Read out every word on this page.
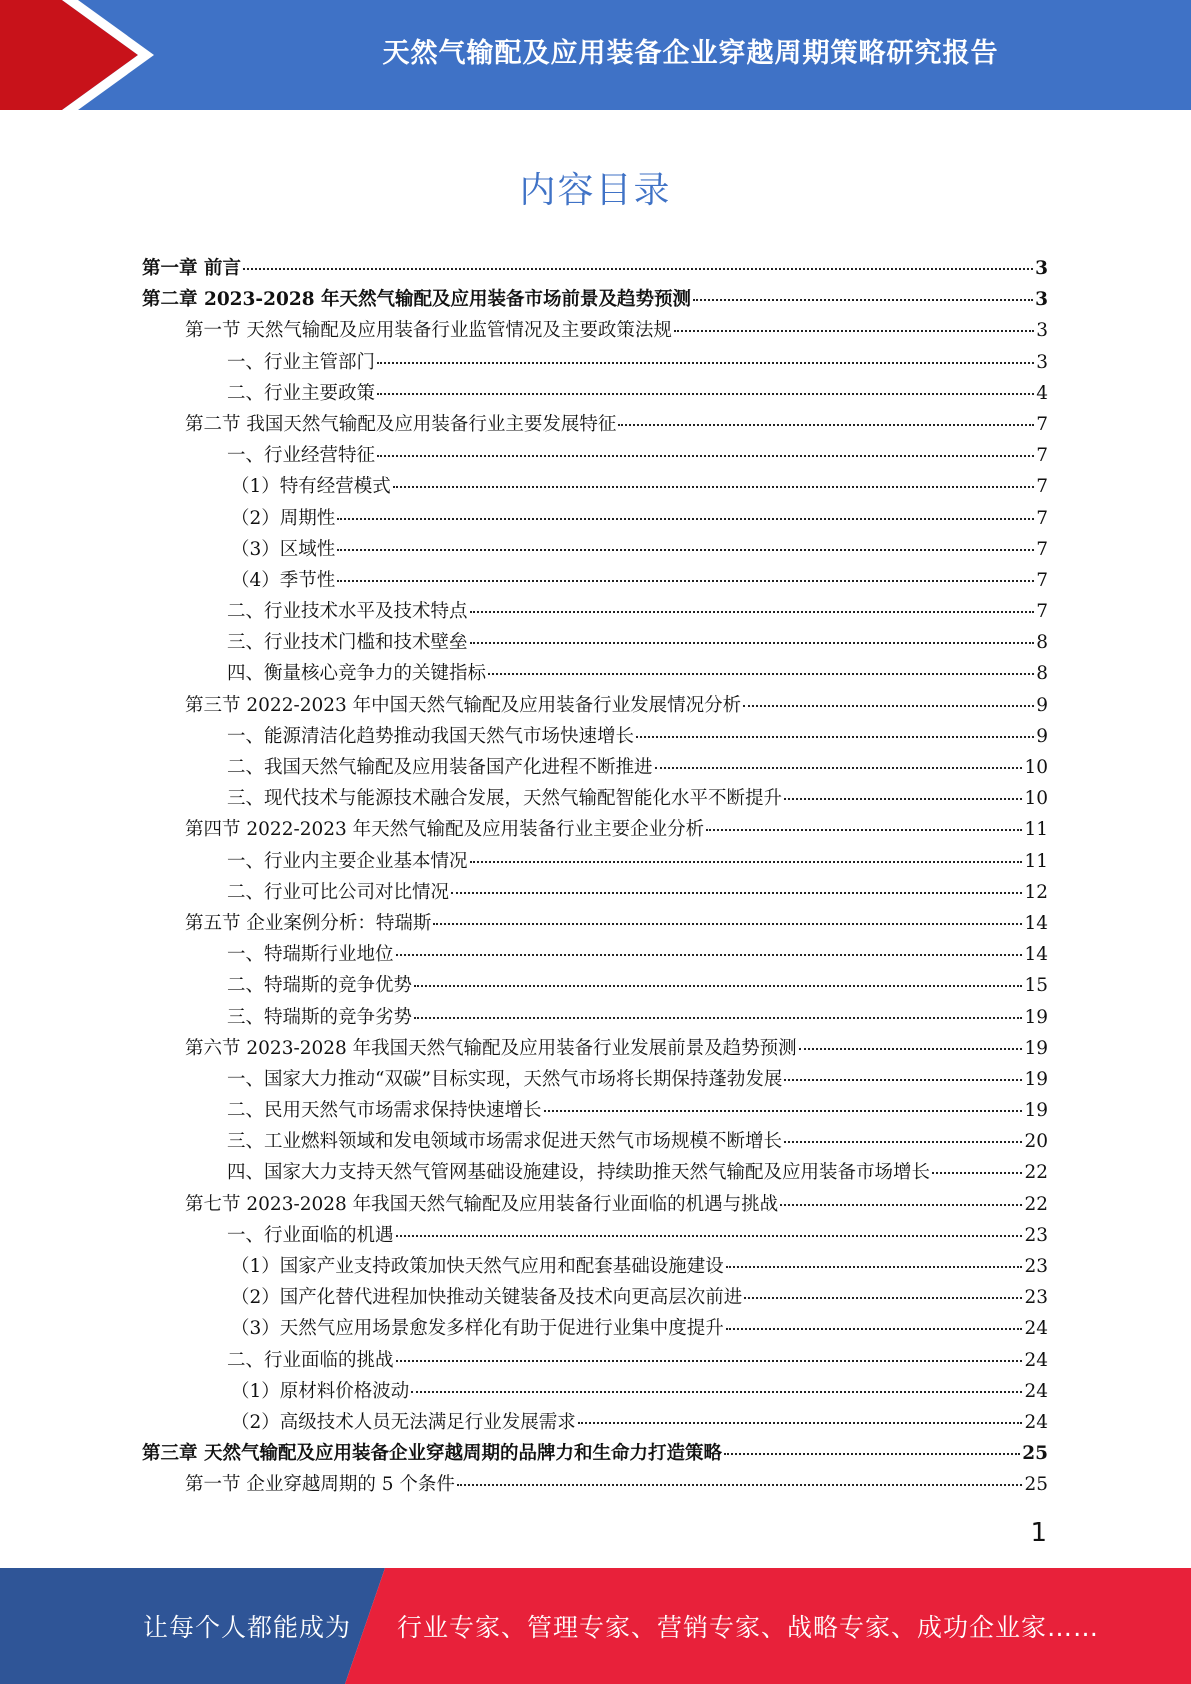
天然气输配及应用装备企业穿越周期策略研究报告
内容目录
第一章 前言	3
第二章 2023-2028 年天然气输配及应用装备市场前景及趋势预测	3
第一节 天然气输配及应用装备行业监管情况及主要政策法规	3
一、行业主管部门	3
二、行业主要政策	4
第二节 我国天然气输配及应用装备行业主要发展特征	7
一、行业经营特征	7
（1）特有经营模式	7
（2）周期性	7
（3）区域性	7
（4）季节性	7
二、行业技术水平及技术特点	7
三、行业技术门槛和技术壁垒	8
四、衡量核心竞争力的关键指标	8
第三节 2022-2023 年中国天然气输配及应用装备行业发展情况分析	9
一、能源清洁化趋势推动我国天然气市场快速增长	9
二、我国天然气输配及应用装备国产化进程不断推进	10
三、现代技术与能源技术融合发展，天然气输配智能化水平不断提升	10
第四节 2022-2023 年天然气输配及应用装备行业主要企业分析	11
一、行业内主要企业基本情况	11
二、行业可比公司对比情况	12
第五节 企业案例分析：特瑞斯	14
一、特瑞斯行业地位	14
二、特瑞斯的竞争优势	15
三、特瑞斯的竞争劣势	19
第六节 2023-2028 年我国天然气输配及应用装备行业发展前景及趋势预测	19
一、国家大力推动“双碳”目标实现，天然气市场将长期保持蓬勃发展	19
二、民用天然气市场需求保持快速增长	19
三、工业燃料领域和发电领域市场需求促进天然气市场规模不断增长	20
四、国家大力支持天然气管网基础设施建设，持续助推天然气输配及应用装备市场增长	22
第七节 2023-2028 年我国天然气输配及应用装备行业面临的机遇与挑战	22
一、行业面临的机遇	23
（1）国家产业支持政策加快天然气应用和配套基础设施建设	23
（2）国产化替代进程加快推动关键装备及技术向更高层次前进	23
（3）天然气应用场景愈发多样化有助于促进行业集中度提升	24
二、行业面临的挑战	24
（1）原材料价格波动	24
（2）高级技术人员无法满足行业发展需求	24
第三章 天然气输配及应用装备企业穿越周期的品牌力和生命力打造策略	25
第一节 企业穿越周期的 5 个条件	25
1
让每个人都能成为 行业专家、管理专家、营销专家、战略专家、成功企业家……
